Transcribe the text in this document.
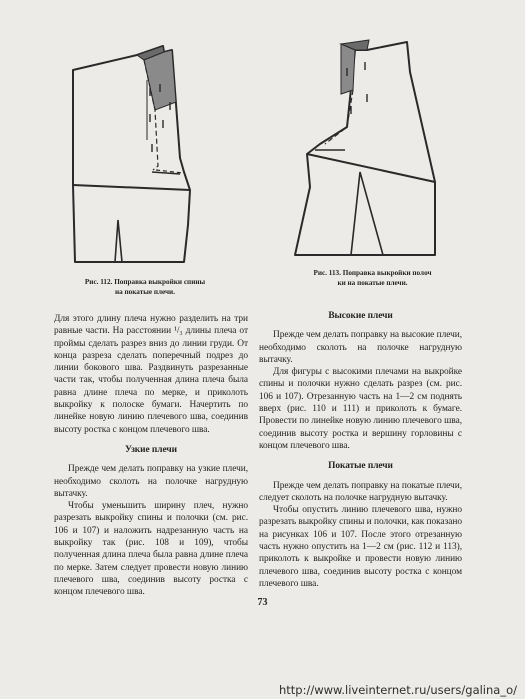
Рис. 112. Поправка выкройки спины
на покатые плечи.
Рис. 113. Поправка выкройки полоч
ки на покатые плечи.

Для этого длину плеча нужно разделить на три равные части. На расстоянии ¹/₃ длины плеча от проймы сделать разрез вниз до линии груди. От конца разреза сделать поперечный подрез до линии бокового шва. Раздвинуть разрезанные части так, чтобы полученная длина плеча была равна длине плеча по мерке, и приколоть выкройку к полоске бумаги. Начертить по линейке новую линию плечевого шва, соединив высоту ростка с концом плечевого шва.

Узкие плечи

Прежде чем делать поправку на узкие плечи, необходимо сколоть на полочке нагрудную вытачку.

Чтобы уменьшить ширину плеч, нужно разрезать выкройку спины и полочки (см. рис. 106 и 107) и наложить надрезанную часть на выкройку так (рис. 108 и 109), чтобы полученная длина плеча была равна длине плеча по мерке. Затем следует провести новую линию плечевого шва, соединив высоту ростка с концом плечевого шва.

Высокие плечи

Прежде чем делать поправку на высокие плечи, необходимо сколоть на полочке нагрудную вытачку.

Для фигуры с высокими плечами на выкройке спины и полочки нужно сделать разрез (см. рис. 106 и 107). Отрезанную часть на 1—2 см поднять вверх (рис. 110 и 111) и приколоть к бумаге. Провести по линейке новую линию плечевого шва, соединив высоту ростка и вершину горловины с концом плечевого шва.

Покатые плечи

Прежде чем делать поправку на покатые плечи, следует сколоть на полочке нагрудную вытачку.

Чтобы опустить линию плечевого шва, нужно разрезать выкройку спины и полочки, как показано на рисунках 106 и 107. После этого отрезанную часть нужно опустить на 1—2 см (рис. 112 и 113), приколоть к выкройке и провести новую линию плечевого шва, соединив высоту ростка с концом плечевого шва.

73
http://www.liveinternet.ru/users/galina_o/
